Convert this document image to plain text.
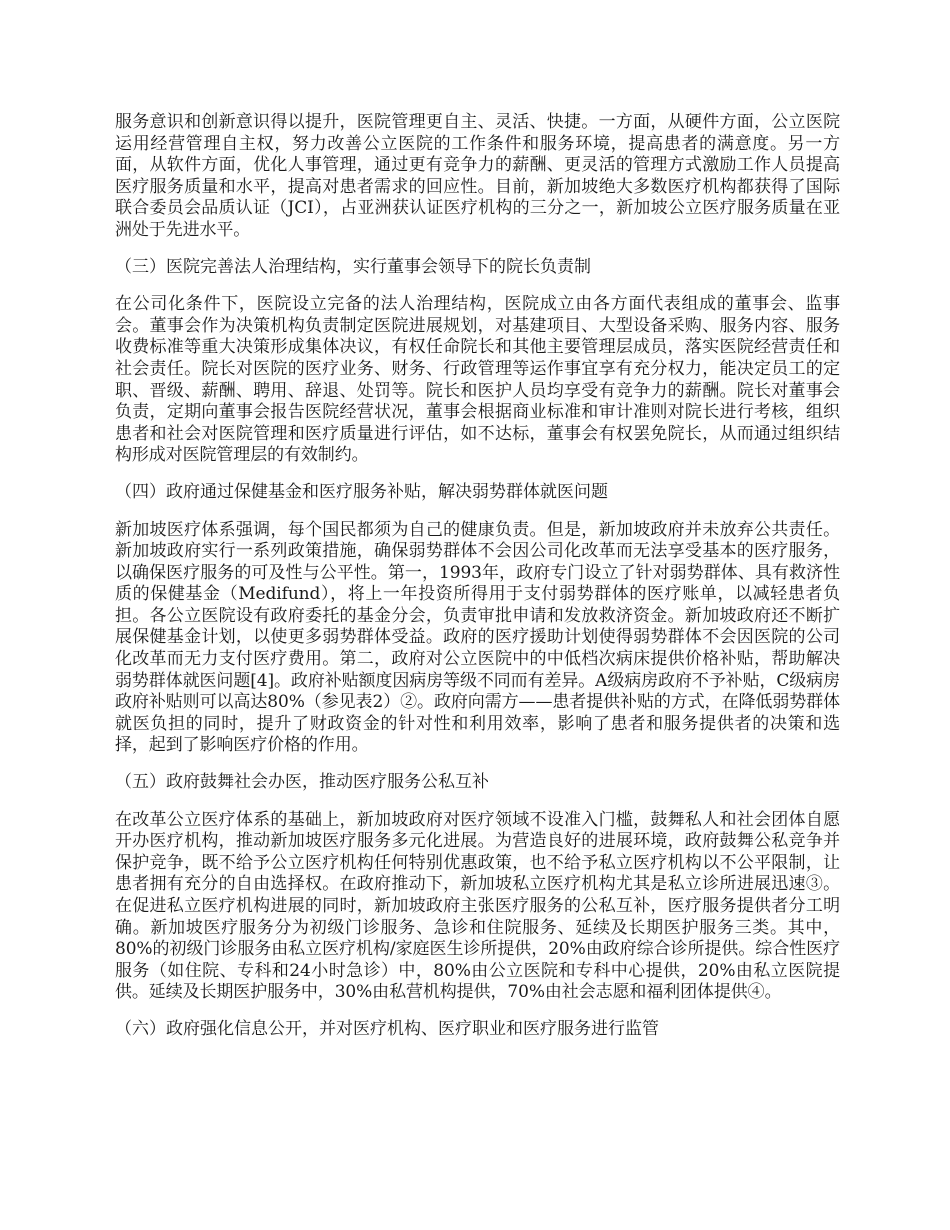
服务意识和创新意识得以提升，医院管理更自主、灵活、快捷。一方面，从硬件方面，公立医院运用经营管理自主权，努力改善公立医院的工作条件和服务环境，提高患者的满意度。另一方面，从软件方面，优化人事管理，通过更有竞争力的薪酬、更灵活的管理方式激励工作人员提高医疗服务质量和水平，提高对患者需求的回应性。目前，新加坡绝大多数医疗机构都获得了国际联合委员会品质认证（JCI），占亚洲获认证医疗机构的三分之一，新加坡公立医疗服务质量在亚洲处于先进水平。

（三）医院完善法人治理结构，实行董事会领导下的院长负责制

在公司化条件下，医院设立完备的法人治理结构，医院成立由各方面代表组成的董事会、监事会。董事会作为决策机构负责制定医院进展规划，对基建项目、大型设备采购、服务内容、服务收费标准等重大决策形成集体决议，有权任命院长和其他主要管理层成员，落实医院经营责任和社会责任。院长对医院的医疗业务、财务、行政管理等运作事宜享有充分权力，能决定员工的定职、晋级、薪酬、聘用、辞退、处罚等。院长和医护人员均享受有竞争力的薪酬。院长对董事会负责，定期向董事会报告医院经营状况，董事会根据商业标准和审计准则对院长进行考核，组织患者和社会对医院管理和医疗质量进行评估，如不达标，董事会有权罢免院长，从而通过组织结构形成对医院管理层的有效制约。

（四）政府通过保健基金和医疗服务补贴，解决弱势群体就医问题

新加坡医疗体系强调，每个国民都须为自己的健康负责。但是，新加坡政府并未放弃公共责任。新加坡政府实行一系列政策措施，确保弱势群体不会因公司化改革而无法享受基本的医疗服务，以确保医疗服务的可及性与公平性。第一，1993年，政府专门设立了针对弱势群体、具有救济性质的保健基金（Medifund），将上一年投资所得用于支付弱势群体的医疗账单，以减轻患者负担。各公立医院设有政府委托的基金分会，负责审批申请和发放救济资金。新加坡政府还不断扩展保健基金计划，以使更多弱势群体受益。政府的医疗援助计划使得弱势群体不会因医院的公司化改革而无力支付医疗费用。第二，政府对公立医院中的中低档次病床提供价格补贴，帮助解决弱势群体就医问题[4]。政府补贴额度因病房等级不同而有差异。A级病房政府不予补贴，C级病房政府补贴则可以高达80%（参见表2）②。政府向需方——患者提供补贴的方式，在降低弱势群体就医负担的同时，提升了财政资金的针对性和利用效率，影响了患者和服务提供者的决策和选择，起到了影响医疗价格的作用。

（五）政府鼓舞社会办医，推动医疗服务公私互补

在改革公立医疗体系的基础上，新加坡政府对医疗领域不设准入门槛，鼓舞私人和社会团体自愿开办医疗机构，推动新加坡医疗服务多元化进展。为营造良好的进展环境，政府鼓舞公私竞争并保护竞争，既不给予公立医疗机构任何特别优惠政策，也不给予私立医疗机构以不公平限制，让患者拥有充分的自由选择权。在政府推动下，新加坡私立医疗机构尤其是私立诊所进展迅速③。在促进私立医疗机构进展的同时，新加坡政府主张医疗服务的公私互补，医疗服务提供者分工明确。新加坡医疗服务分为初级门诊服务、急诊和住院服务、延续及长期医护服务三类。其中，80%的初级门诊服务由私立医疗机构/家庭医生诊所提供，20%由政府综合诊所提供。综合性医疗服务（如住院、专科和24小时急诊）中，80%由公立医院和专科中心提供，20%由私立医院提供。延续及长期医护服务中，30%由私营机构提供，70%由社会志愿和福利团体提供④。

（六）政府强化信息公开，并对医疗机构、医疗职业和医疗服务进行监管
